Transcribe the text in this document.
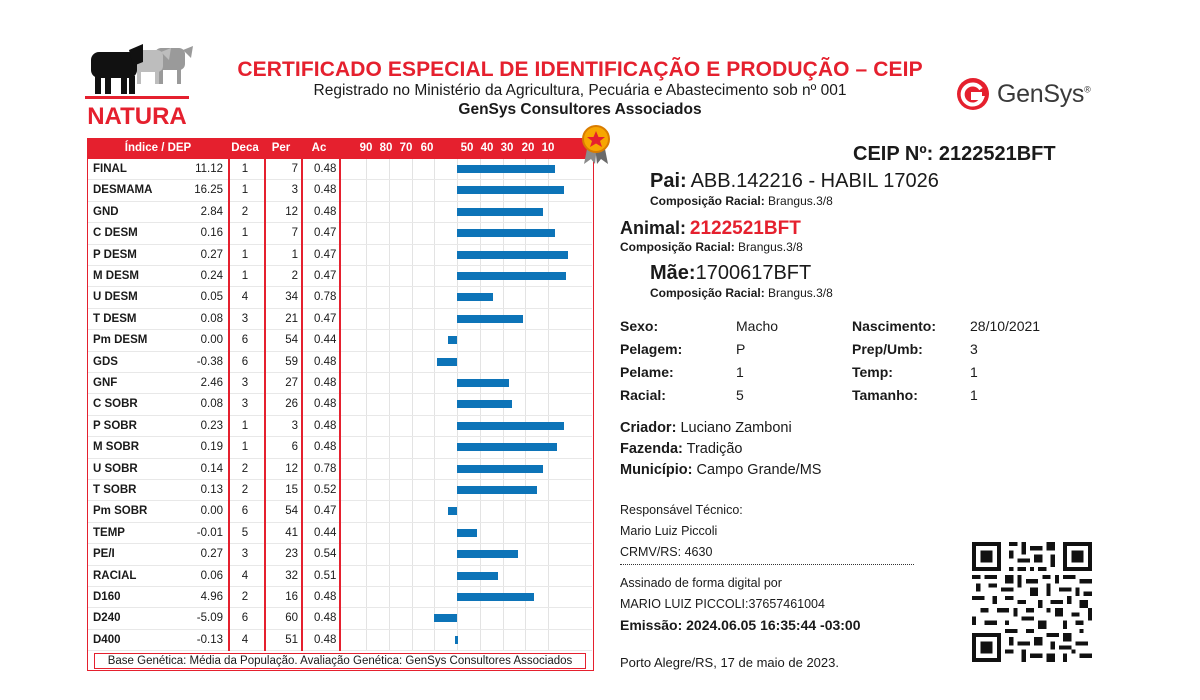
NATURA
CERTIFICADO ESPECIAL DE IDENTIFICAÇÃO E PRODUÇÃO – CEIP
Registrado no Ministério da Agricultura, Pecuária e Abastecimento sob nº 001
GenSys Consultores Associados
GenSys®
Índice / DEP	Deca	Per	Ac	90 80 70 60	50 40 30 20 10
FINAL	11.12	1	7 0.48
DESMAMA	16.25	1	3 0.48
GND	2.84	2	12 0.48
C DESM	0.16	1	7 0.47
P DESM	0.27	1	1 0.47
M DESM	0.24	1	2 0.47
U DESM	0.05	4	34 0.78
T DESM	0.08	3	21 0.47
Pm DESM	0.00	6	54 0.44
GDS	-0.38	6	59 0.48
GNF	2.46	3	27 0.48
C SOBR	0.08	3	26 0.48
P SOBR	0.23	1	3 0.48
M SOBR	0.19	1	6 0.48
U SOBR	0.14	2	12 0.78
T SOBR	0.13	2	15 0.52
Pm SOBR	0.00	6	54 0.47
TEMP	-0.01	5	41 0.44
PE/I	0.27	3	23 0.54
RACIAL	0.06	4	32 0.51
D160	4.96	2	16 0.48
D240	-5.09	6	60 0.48
D400	-0.13	4	51 0.48
Base Genética: Média da População. Avaliação Genética: GenSys Consultores Associados
CEIP Nº: 2122521BFT
Pai: ABB.142216 - HABIL 17026
Composição Racial: Brangus.3/8
Animal: 2122521BFT
Composição Racial: Brangus.3/8
Mãe:1700617BFT
Composição Racial: Brangus.3/8
Sexo:	Macho	Nascimento: 28/10/2021
Pelagem:	P	Prep/Umb:	3
Pelame:	1	Temp:	1
Racial:	5	Tamanho:	1
Criador: Luciano Zamboni
Fazenda: Tradição
Município: Campo Grande/MS
Responsável Técnico:
Mario Luiz Piccoli
CRMV/RS: 4630
Assinado de forma digital por
MARIO LUIZ PICCOLI:37657461004
Emissão: 2024.06.05 16:35:44 -03:00
Porto Alegre/RS, 17 de maio de 2023.
